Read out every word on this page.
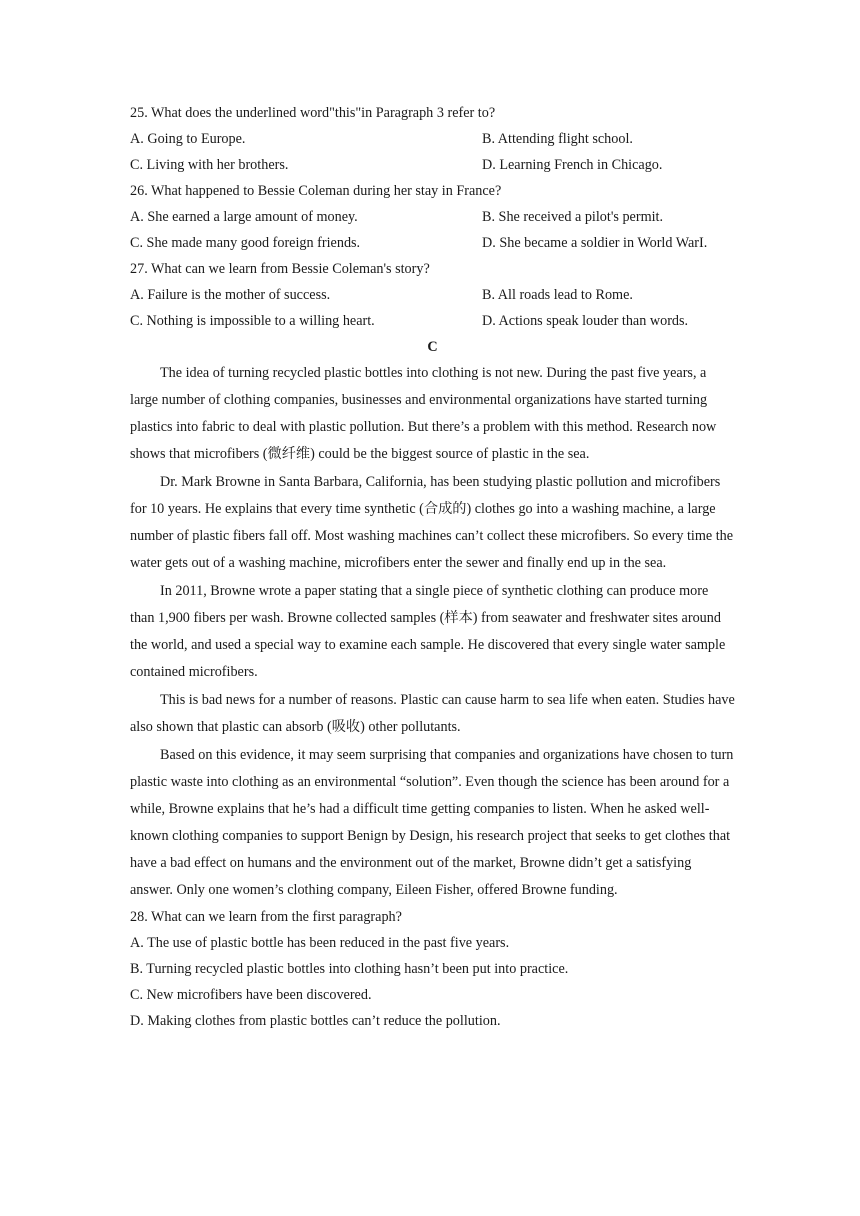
25. What does the underlined word"this"in Paragraph 3 refer to?
A. Going to Europe.	B. Attending flight school.
C. Living with her brothers.	D. Learning French in Chicago.
26. What happened to Bessie Coleman during her stay in France?
A. She earned a large amount of money.	B. She received a pilot's permit.
C. She made many good foreign friends.	D. She became a soldier in World WarI.
27. What can we learn from Bessie Coleman's story?
A. Failure is the mother of success.	B. All roads lead to Rome.
C. Nothing is impossible to a willing heart.	D. Actions speak louder than words.
C

The idea of turning recycled plastic bottles into clothing is not new. During the past five years, a large number of clothing companies, businesses and environmental organizations have started turning plastics into fabric to deal with plastic pollution. But there’s a problem with this method. Research now shows that microfibers (微纤维) could be the biggest source of plastic in the sea.

Dr. Mark Browne in Santa Barbara, California, has been studying plastic pollution and microfibers for 10 years. He explains that every time synthetic (合成的) clothes go into a washing machine, a large number of plastic fibers fall off. Most washing machines can’t collect these microfibers. So every time the water gets out of a washing machine, microfibers enter the sewer and finally end up in the sea.

In 2011, Browne wrote a paper stating that a single piece of synthetic clothing can produce more than 1,900 fibers per wash. Browne collected samples (样本) from seawater and freshwater sites around the world, and used a special way to examine each sample. He discovered that every single water sample contained microfibers.

This is bad news for a number of reasons. Plastic can cause harm to sea life when eaten. Studies have also shown that plastic can absorb (吸收) other pollutants.

Based on this evidence, it may seem surprising that companies and organizations have chosen to turn plastic waste into clothing as an environmental “solution”. Even though the science has been around for a while, Browne explains that he’s had a difficult time getting companies to listen. When he asked well-known clothing companies to support Benign by Design, his research project that seeks to get clothes that have a bad effect on humans and the environment out of the market, Browne didn’t get a satisfying answer. Only one women’s clothing company, Eileen Fisher, offered Browne funding.

28. What can we learn from the first paragraph?
A. The use of plastic bottle has been reduced in the past five years.
B. Turning recycled plastic bottles into clothing hasn’t been put into practice.
C. New microfibers have been discovered.
D. Making clothes from plastic bottles can’t reduce the pollution.
